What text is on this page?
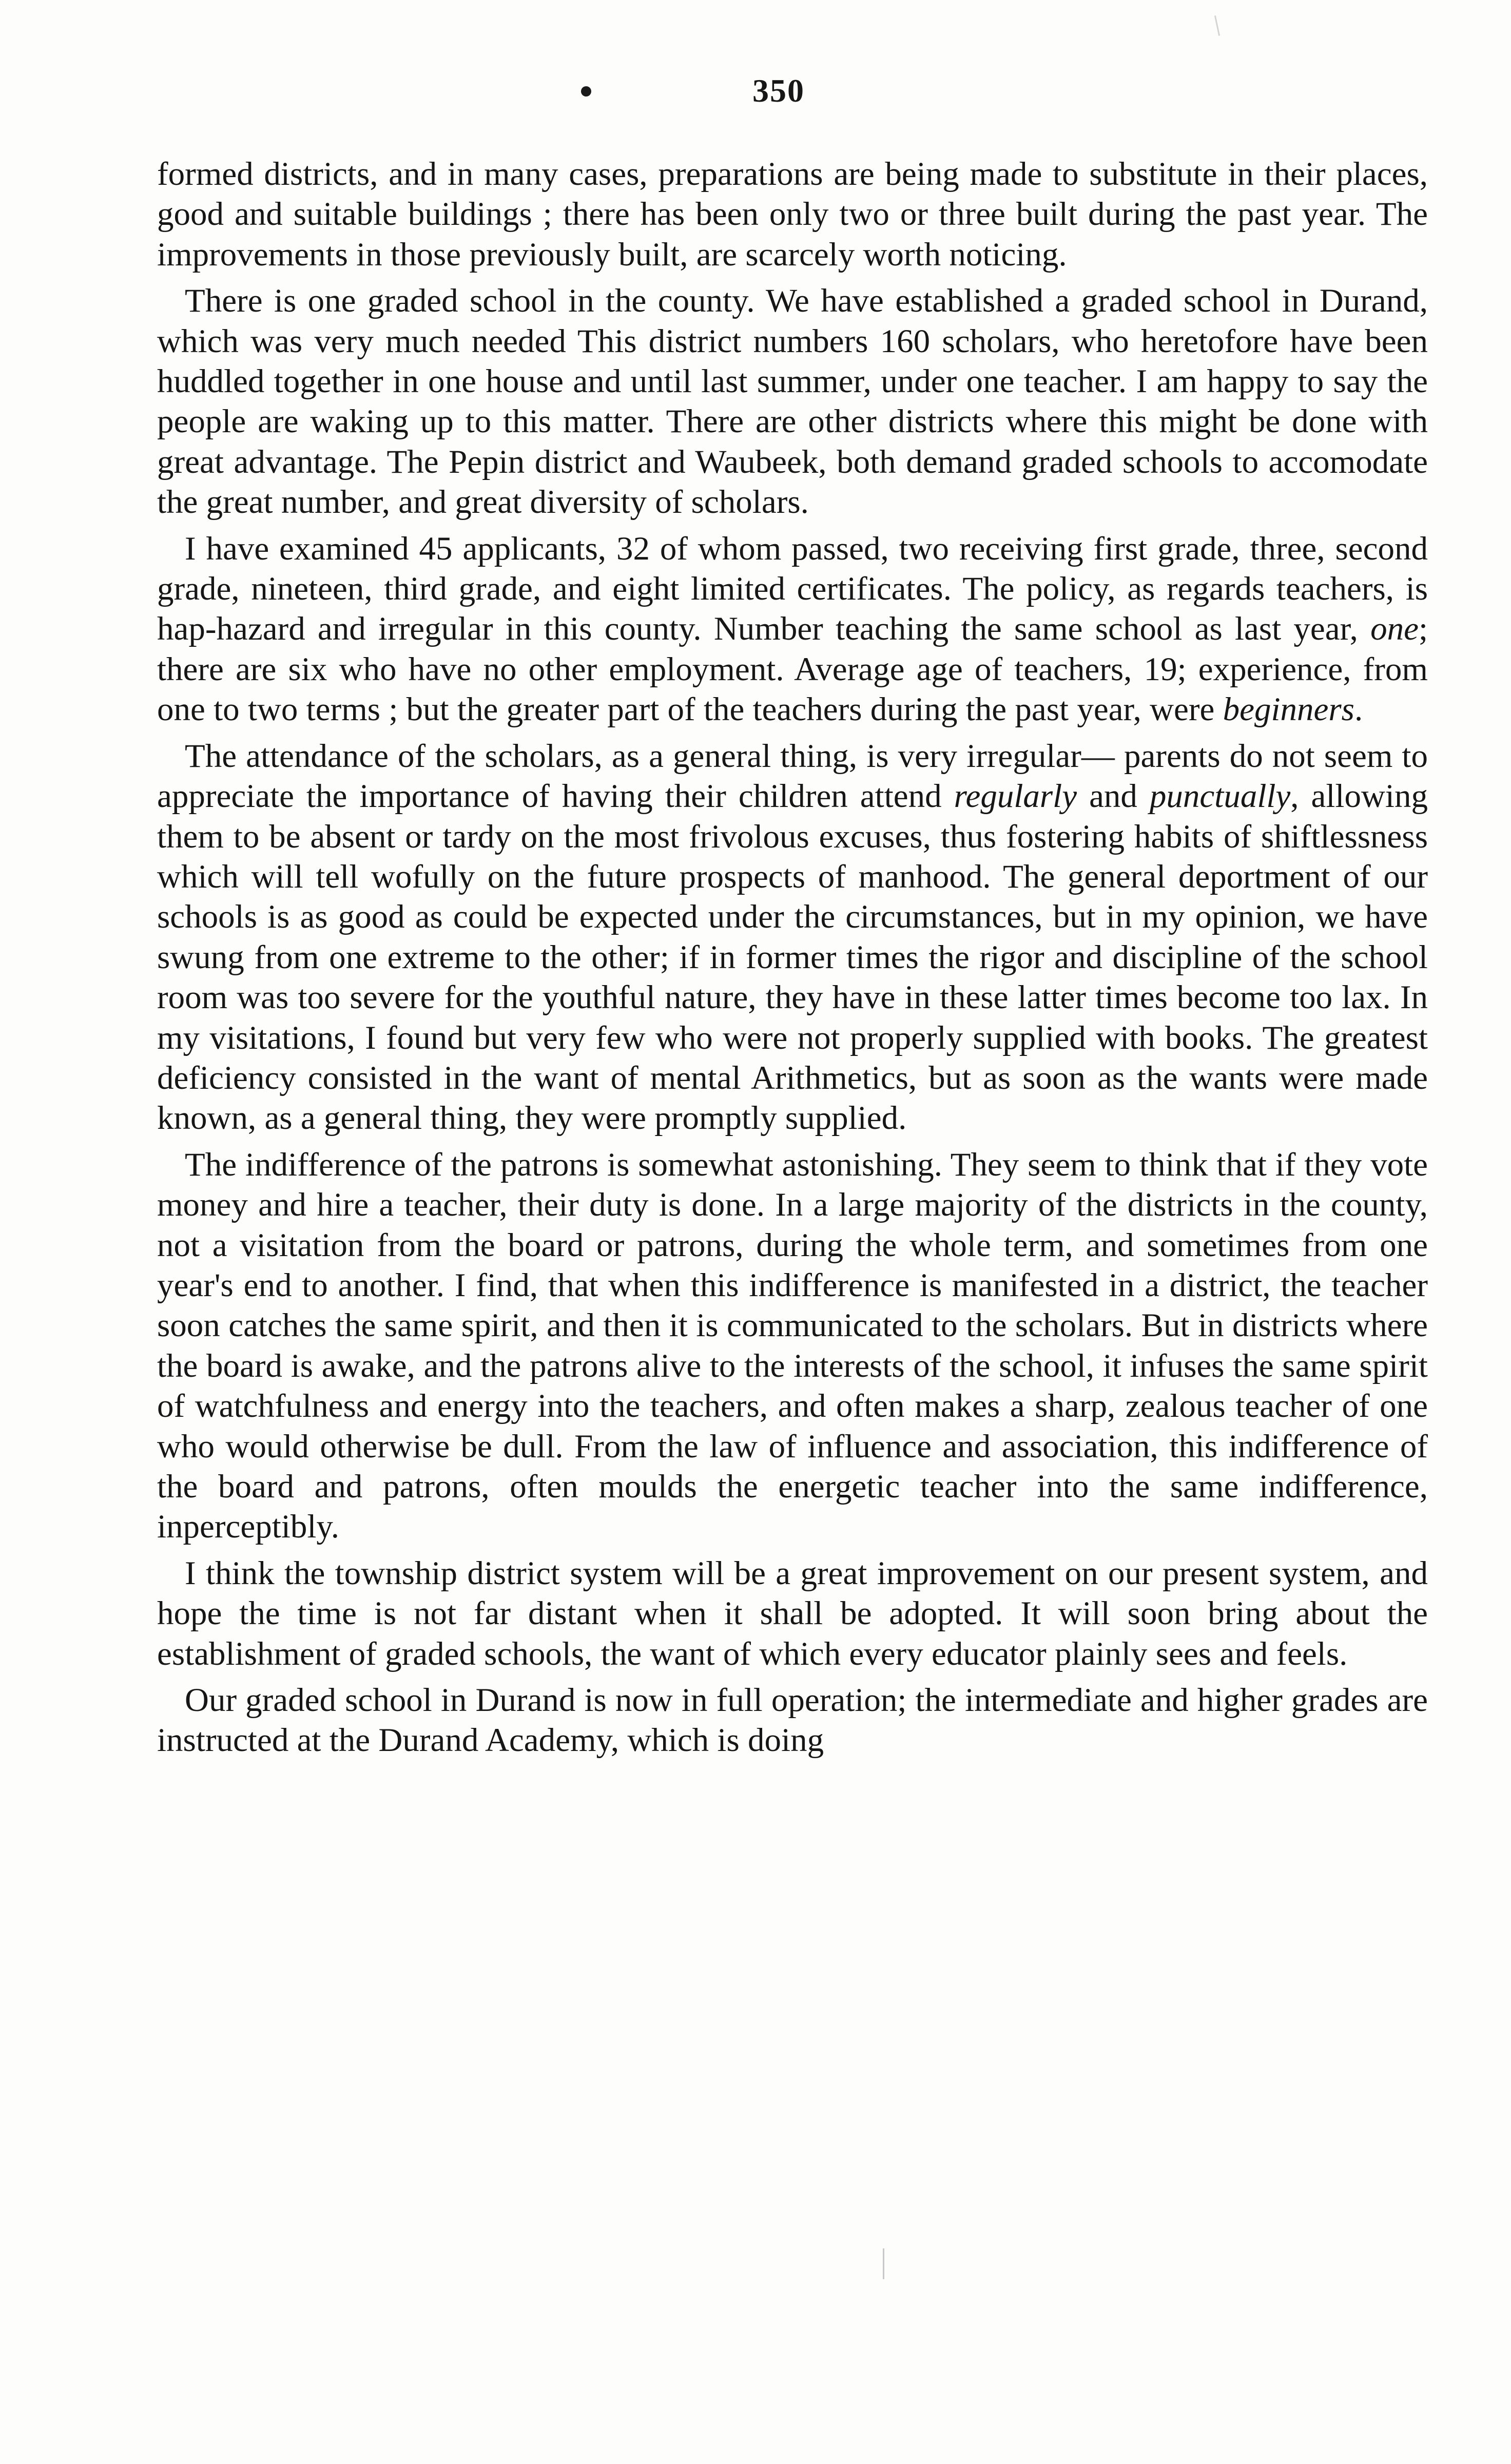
350

formed districts, and in many cases, preparations are being made to substitute in their places, good and suitable buildings ; there has been only two or three built during the past year. The improvements in those previously built, are scarcely worth noticing.

There is one graded school in the county. We have established a graded school in Durand, which was very much needed This district numbers 160 scholars, who heretofore have been huddled together in one house and until last summer, under one teacher. I am happy to say the people are waking up to this matter. There are other districts where this might be done with great advantage. The Pepin district and Waubeek, both demand graded schools to accomodate the great number, and great diversity of scholars.

I have examined 45 applicants, 32 of whom passed, two receiving first grade, three, second grade, nineteen, third grade, and eight limited certificates. The policy, as regards teachers, is hap-hazard and irregular in this county. Number teaching the same school as last year, one; there are six who have no other employment. Average age of teachers, 19; experience, from one to two terms ; but the greater part of the teachers during the past year, were beginners.

The attendance of the scholars, as a general thing, is very irregular— parents do not seem to appreciate the importance of having their children attend regularly and punctually, allowing them to be absent or tardy on the most frivolous excuses, thus fostering habits of shiftlessness which will tell wofully on the future prospects of manhood. The general deportment of our schools is as good as could be expected under the circumstances, but in my opinion, we have swung from one extreme to the other; if in former times the rigor and discipline of the school room was too severe for the youthful nature, they have in these latter times become too lax. In my visitations, I found but very few who were not properly supplied with books. The greatest deficiency consisted in the want of mental Arithmetics, but as soon as the wants were made known, as a general thing, they were promptly supplied.

The indifference of the patrons is somewhat astonishing. They seem to think that if they vote money and hire a teacher, their duty is done. In a large majority of the districts in the county, not a visitation from the board or patrons, during the whole term, and sometimes from one year's end to another. I find, that when this indifference is manifested in a district, the teacher soon catches the same spirit, and then it is communicated to the scholars. But in districts where the board is awake, and the patrons alive to the interests of the school, it infuses the same spirit of watchfulness and energy into the teachers, and often makes a sharp, zealous teacher of one who would otherwise be dull. From the law of influence and association, this indifference of the board and patrons, often moulds the energetic teacher into the same indifference, inperceptibly.

I think the township district system will be a great improvement on our present system, and hope the time is not far distant when it shall be adopted. It will soon bring about the establishment of graded schools, the want of which every educator plainly sees and feels.

Our graded school in Durand is now in full operation; the intermediate and higher grades are instructed at the Durand Academy, which is doing
